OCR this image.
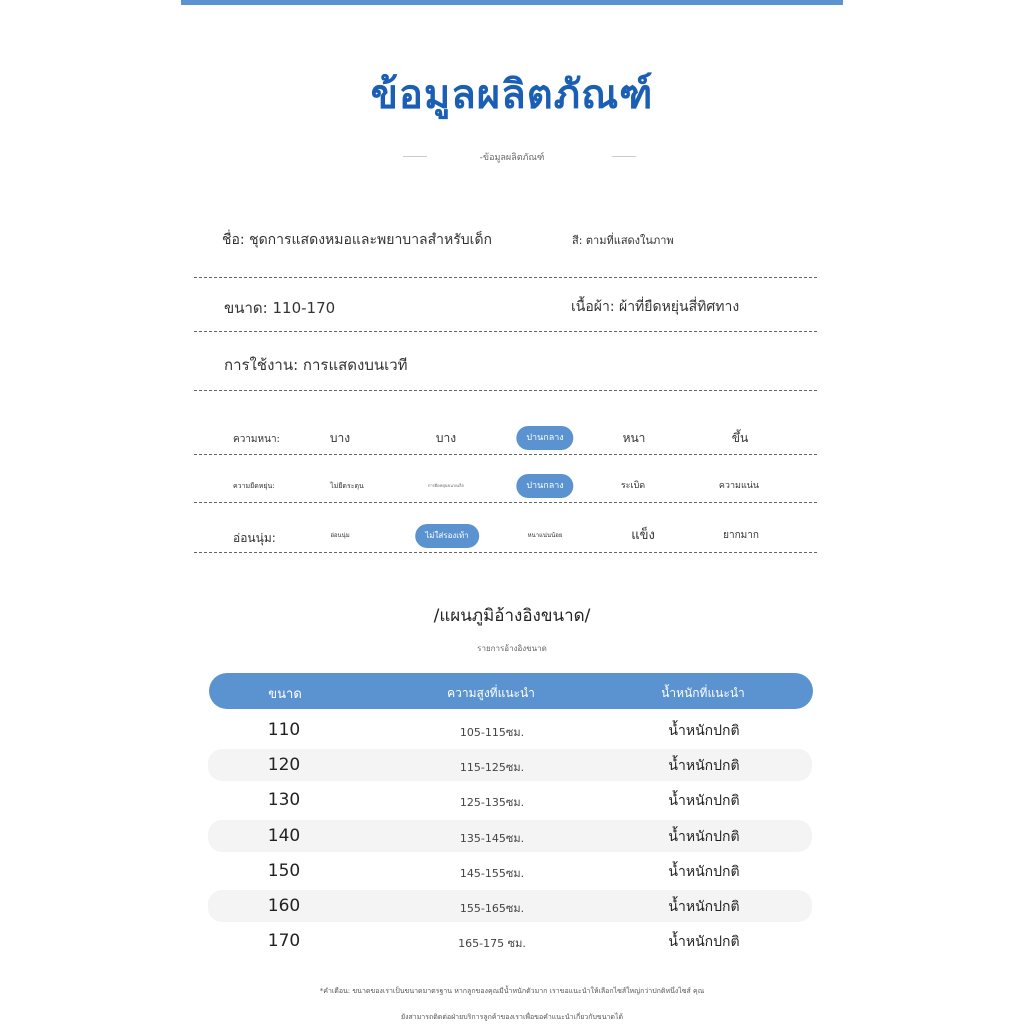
ข้อมูลผลิตภัณฑ์
-ข้อมูลผลิตภัณฑ์
ชื่อ: ชุดการแสดงหมอและพยาบาลสำหรับเด็ก	สี: ตามที่แสดงในภาพ
ขนาด: 110-170	เนื้อผ้า: ผ้าที่ยืดหยุ่นสี่ทิศทาง
การใช้งาน: การแสดงบนเวที
ความหนา:	บาง	บาง	ปานกลาง	หนา	ขึ้น
ความยืดหยุ่น:	ไม่ยืดระดุน	การยืดหยุ่นขนาดเล็ก	ปานกลาง	ระเบิด	ความแน่น
อ่อนนุ่ม:	อ่อนนุ่ม	ไม่ใส่รองเท้า	หนาแน่นน้อย	แข็ง	ยากมาก
/แผนภูมิอ้างอิงขนาด/
รายการอ้างอิงขนาด
ขนาด	ความสูงที่แนะนำ	น้ำหนักที่แนะนำ
110	105-115ซม.	น้ำหนักปกติ
120	115-125ซม.	น้ำหนักปกติ
130	125-135ซม.	น้ำหนักปกติ
140	135-145ซม.	น้ำหนักปกติ
150	145-155ซม.	น้ำหนักปกติ
160	155-165ซม.	น้ำหนักปกติ
170	165-175 ซม.	น้ำหนักปกติ
*คำเตือน: ขนาดของเราเป็นขนาดมาตรฐาน หากลูกของคุณมีน้ำหนักตัวมาก เราขอแนะนำให้เลือกไซส์ใหญ่กว่าปกติหนึ่งไซส์ คุณ
ยังสามารถติดต่อฝ่ายบริการลูกค้าของเราเพื่อขอคำแนะนำเกี่ยวกับขนาดได้
